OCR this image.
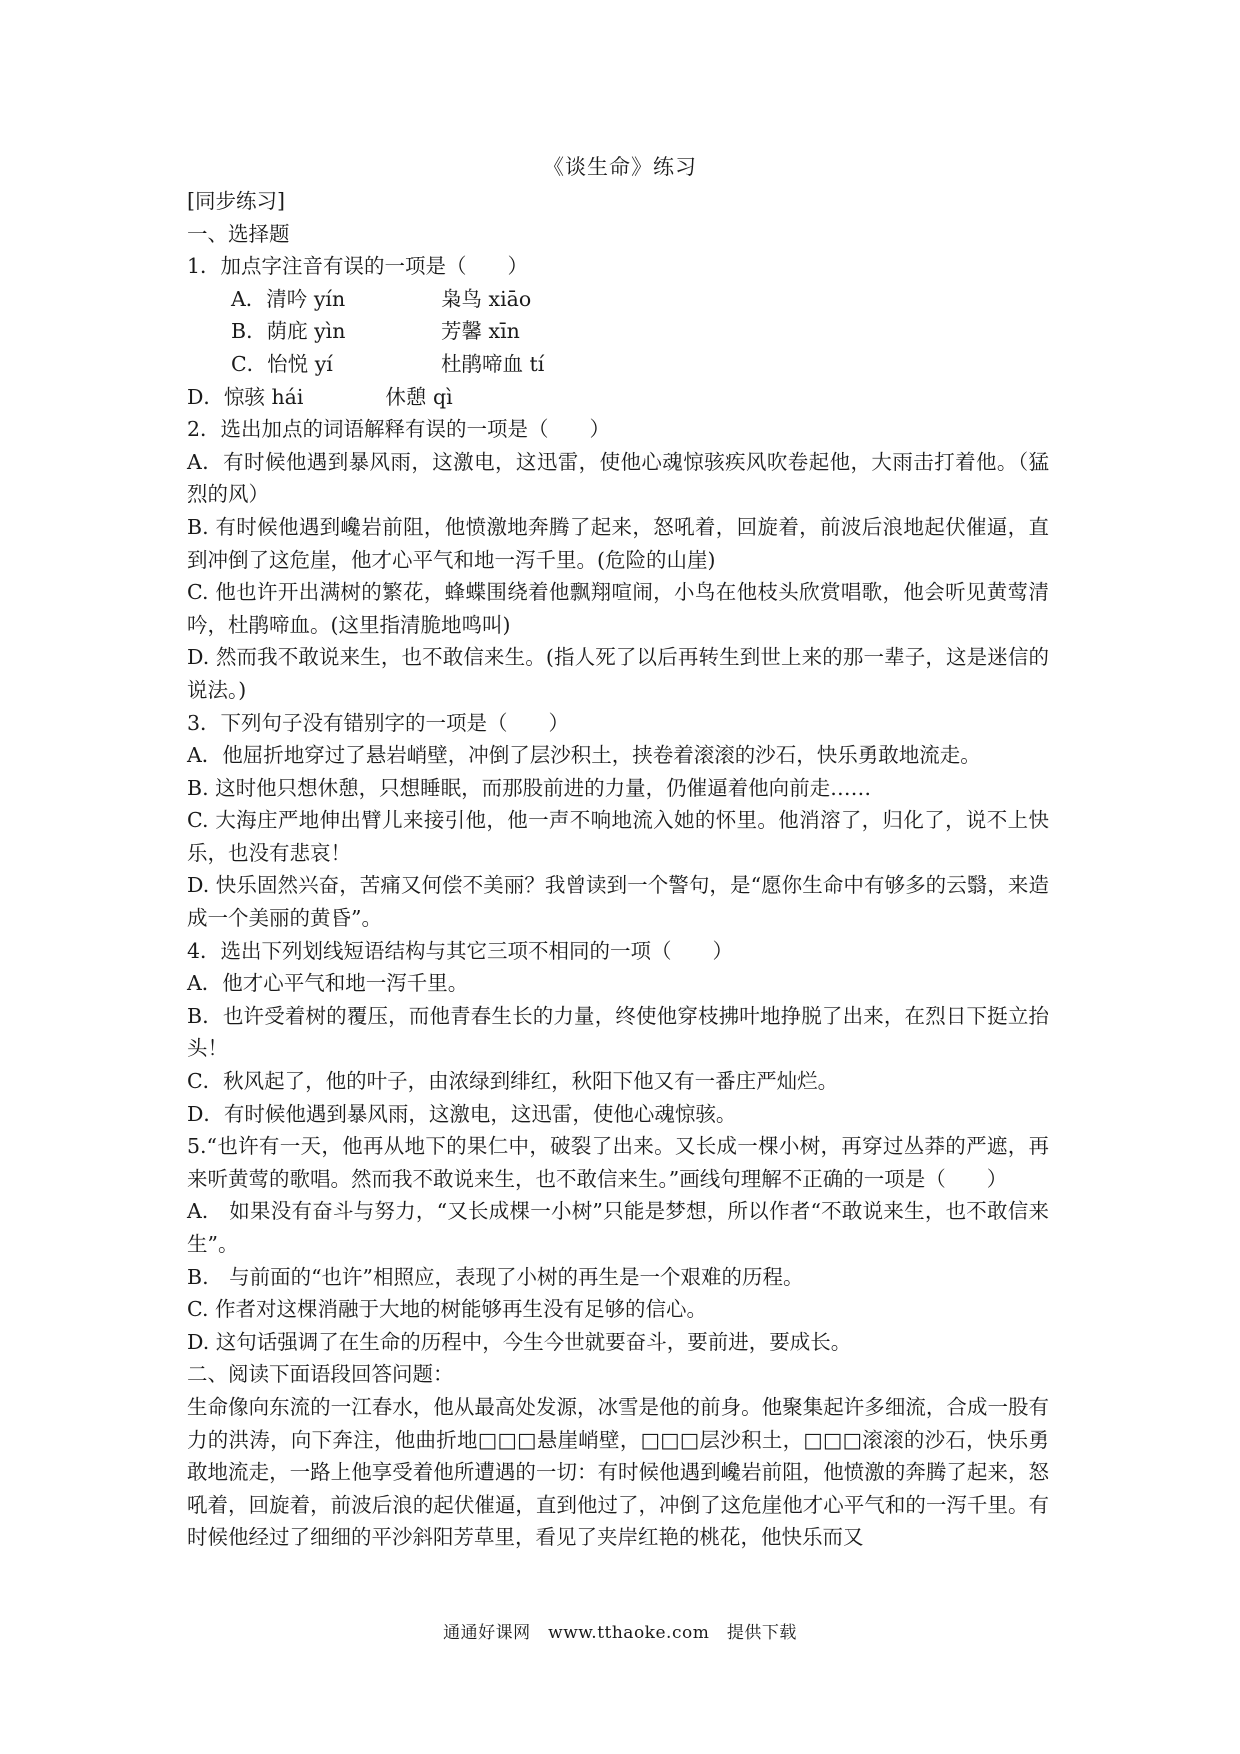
《谈生命》练习

[同步练习]

一、选择题

1．加点字注音有误的一项是（　　）

A．清吟 yín	枭鸟 xiāo

B．荫庇 yìn	芳馨 xīn

C．怡悦 yí	杜鹃啼血 tí

D．惊骇 hái　　　　休憩 qì

2．选出加点的词语解释有误的一项是（　　）

A．有时候他遇到暴风雨，这激电，这迅雷，使他心魂惊骇疾风吹卷起他，大雨击打着他。（猛烈的风）

B. 有时候他遇到巉岩前阻，他愤激地奔腾了起来，怒吼着，回旋着，前波后浪地起伏催逼，直到冲倒了这危崖，他才心平气和地一泻千里。(危险的山崖)

C. 他也许开出满树的繁花，蜂蝶围绕着他飘翔喧闹，小鸟在他枝头欣赏唱歌，他会听见黄莺清吟，杜鹃啼血。(这里指清脆地鸣叫)

D. 然而我不敢说来生，也不敢信来生。(指人死了以后再转生到世上来的那一辈子，这是迷信的说法。)

3．下列句子没有错别字的一项是（　　）

A．他屈折地穿过了悬岩峭壁，冲倒了层沙积土，挟卷着滚滚的沙石，快乐勇敢地流走。

B. 这时他只想休憩，只想睡眠，而那股前进的力量，仍催逼着他向前走……

C. 大海庄严地伸出臂儿来接引他，他一声不响地流入她的怀里。他消溶了，归化了，说不上快乐，也没有悲哀！

D. 快乐固然兴奋，苦痛又何偿不美丽？我曾读到一个警句，是“愿你生命中有够多的云翳，来造成一个美丽的黄昏”。

4．选出下列划线短语结构与其它三项不相同的一项（　　）

A．他才心平气和地一泻千里。

B．也许受着树的覆压，而他青春生长的力量，终使他穿枝拂叶地挣脱了出来，在烈日下挺立抬头！

C．秋风起了，他的叶子，由浓绿到绯红，秋阳下他又有一番庄严灿烂。

D．有时候他遇到暴风雨，这激电，这迅雷，使他心魂惊骇。

5.“也许有一天，他再从地下的果仁中，破裂了出来。又长成一棵小树，再穿过丛莽的严遮，再来听黄莺的歌唱。然而我不敢说来生，也不敢信来生。”画线句理解不正确的一项是（　　）

A.　如果没有奋斗与努力，“又长成棵一小树”只能是梦想，所以作者“不敢说来生，也不敢信来生”。

B.　与前面的“也许”相照应，表现了小树的再生是一个艰难的历程。

C. 作者对这棵消融于大地的树能够再生没有足够的信心。

D. 这句话强调了在生命的历程中，今生今世就要奋斗，要前进，要成长。

二、阅读下面语段回答问题：

生命像向东流的一江春水，他从最高处发源，冰雪是他的前身。他聚集起许多细流，合成一股有力的洪涛，向下奔注，他曲折地□□□悬崖峭壁，□□□层沙积土，□□□滚滚的沙石，快乐勇敢地流走，一路上他享受着他所遭遇的一切：有时候他遇到巉岩前阻，他愤激的奔腾了起来，怒吼着，回旋着，前波后浪的起伏催逼，直到他过了，冲倒了这危崖他才心平气和的一泻千里。有时候他经过了细细的平沙斜阳芳草里，看见了夹岸红艳的桃花，他快乐而又

通通好课网　www.tthaoke.com　提供下载
